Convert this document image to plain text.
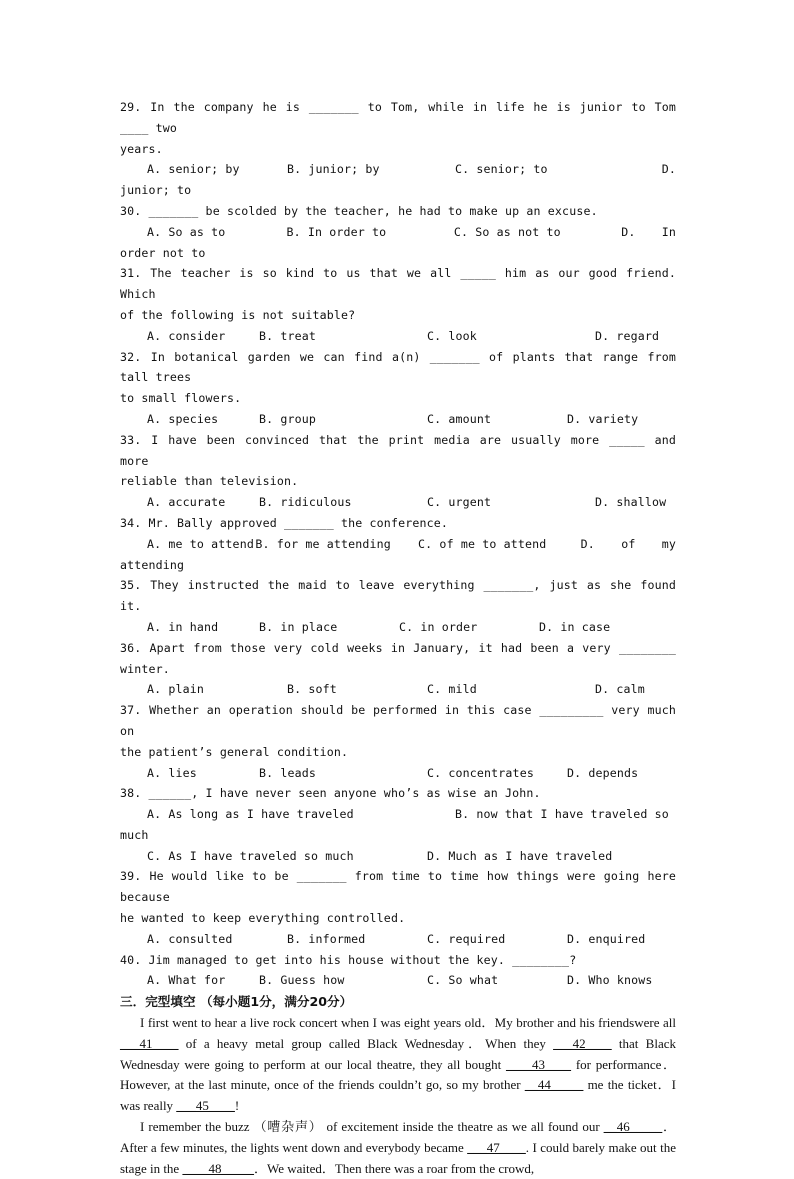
29. In the company he is _______ to Tom, while in life he is junior to Tom ____ two
years.
A. senior; by	B. junior; by	C. senior; to	D.
junior; to
30. _______ be scolded by the teacher, he had to make up an excuse.
A. So as to	B. In order to	C. So as not to	D.  In
order not to
31. The teacher is so kind to us that we all _____ him as our good friend. Which
of the following is not suitable?
A. consider	B. treat	C. look	D. regard
32. In botanical garden we can find a(n) _______ of plants that range from tall trees
to small flowers.
A. species	B. group	C. amount	D. variety
33. I have been convinced that the print media are usually more _____ and more
reliable than television.
A. accurate	B. ridiculous	C. urgent	D. shallow
34. Mr. Bally approved _______ the conference.
A. me to attend B. for me attending	C. of me to attend	D.  of  my
attending
35. They instructed the maid to leave everything _______, just as she found it.
A. in hand	B. in place	C. in order	D. in case
36. Apart from those very cold weeks in January, it had been a very ________ winter.
A. plain	B. soft	C. mild	D. calm
37. Whether an operation should be performed in this case _________ very much on
the patient’s general condition.
A. lies	B. leads	C. concentrates	D. depends
38. ______, I have never seen anyone who’s as wise an John.
A. As long as I have traveled	B. now that I have traveled so
much
C. As I have traveled so much	D. Much as I have traveled
39. He would like to be _______ from time to time how things were going here because
he wanted to keep everything controlled.
A. consulted	B. informed	C. required	D. enquired
40. Jim managed to get into his house without the key. ________?
A. What for	B. Guess how	C. So what	D. Who knows
三．完型填空 （每小题1分，满分20分）
I first went to hear a live rock concert when I was eight years old．My brother and his friendswere all ___41____ of a heavy metal group called Black Wednesday．When they ___42____ that Black Wednesday were going to perform at our local theatre, they all bought ____43____ for performance．However, at the last minute, once of the friends couldn’t go, so my brother __44_____ me the ticket．I was really ___45____!
I remember the buzz （嘈杂声） of excitement inside the theatre as we all found our __46_____．After a few minutes, the lights went down and everybody became ___47____. I could barely make out the stage in the ____48_____．We waited．Then there was a roar from the crowd,
